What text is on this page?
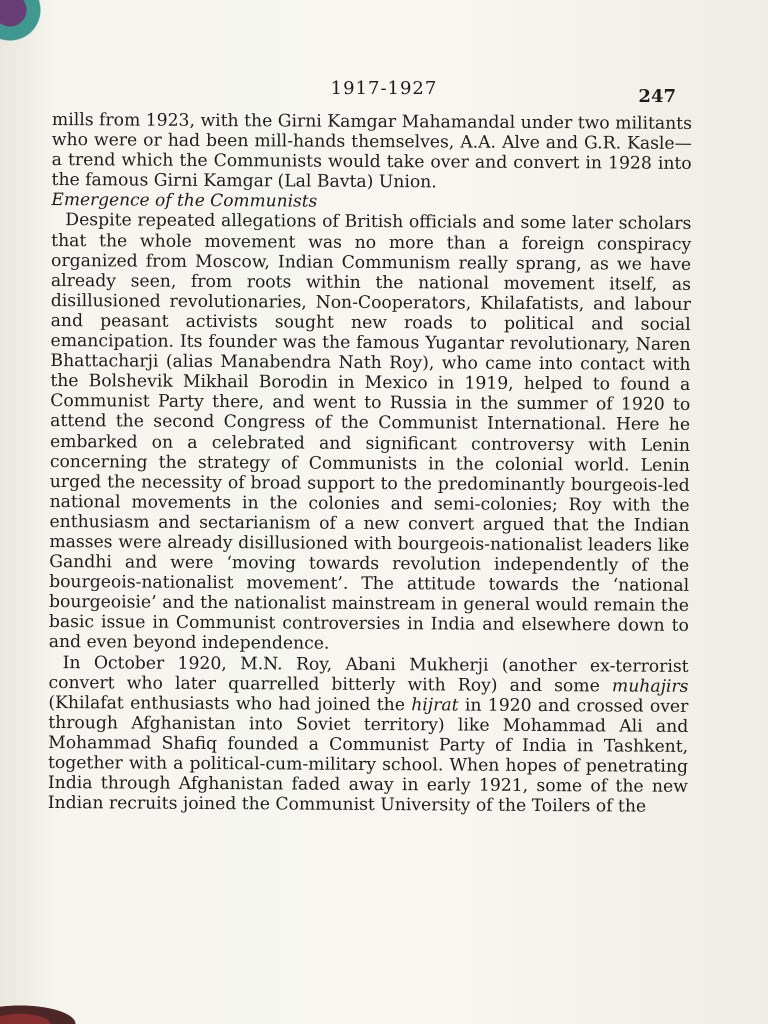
1917-1927	247

mills from 1923, with the Girni Kamgar Mahamandal under two militants who were or had been mill-hands themselves, A.A. Alve and G.R. Kasle—a trend which the Communists would take over and convert in 1928 into the famous Girni Kamgar (Lal Bavta) Union.

Emergence of the Communists

Despite repeated allegations of British officials and some later scholars that the whole movement was no more than a foreign conspiracy organized from Moscow, Indian Communism really sprang, as we have already seen, from roots within the national movement itself, as disillusioned revolutionaries, Non-Cooperators, Khilafatists, and labour and peasant activists sought new roads to political and social emancipation. Its founder was the famous Yugantar revolutionary, Naren Bhattacharji (alias Manabendra Nath Roy), who came into contact with the Bolshevik Mikhail Borodin in Mexico in 1919, helped to found a Communist Party there, and went to Russia in the summer of 1920 to attend the second Congress of the Communist International. Here he embarked on a celebrated and significant controversy with Lenin concerning the strategy of Communists in the colonial world. Lenin urged the necessity of broad support to the predominantly bourgeois-led national movements in the colonies and semi-colonies; Roy with the enthusiasm and sectarianism of a new convert argued that the Indian masses were already disillusioned with bourgeois-nationalist leaders like Gandhi and were ‘moving towards revolution independently of the bourgeois-nationalist movement’. The attitude towards the ‘national bourgeoisie’ and the nationalist mainstream in general would remain the basic issue in Communist controversies in India and elsewhere down to and even beyond independence.

In October 1920, M.N. Roy, Abani Mukherji (another ex-terrorist convert who later quarrelled bitterly with Roy) and some muhajirs (Khilafat enthusiasts who had joined the hijrat in 1920 and crossed over through Afghanistan into Soviet territory) like Mohammad Ali and Mohammad Shafiq founded a Communist Party of India in Tashkent, together with a political-cum-military school. When hopes of penetrating India through Afghanistan faded away in early 1921, some of the new Indian recruits joined the Communist University of the Toilers of the
